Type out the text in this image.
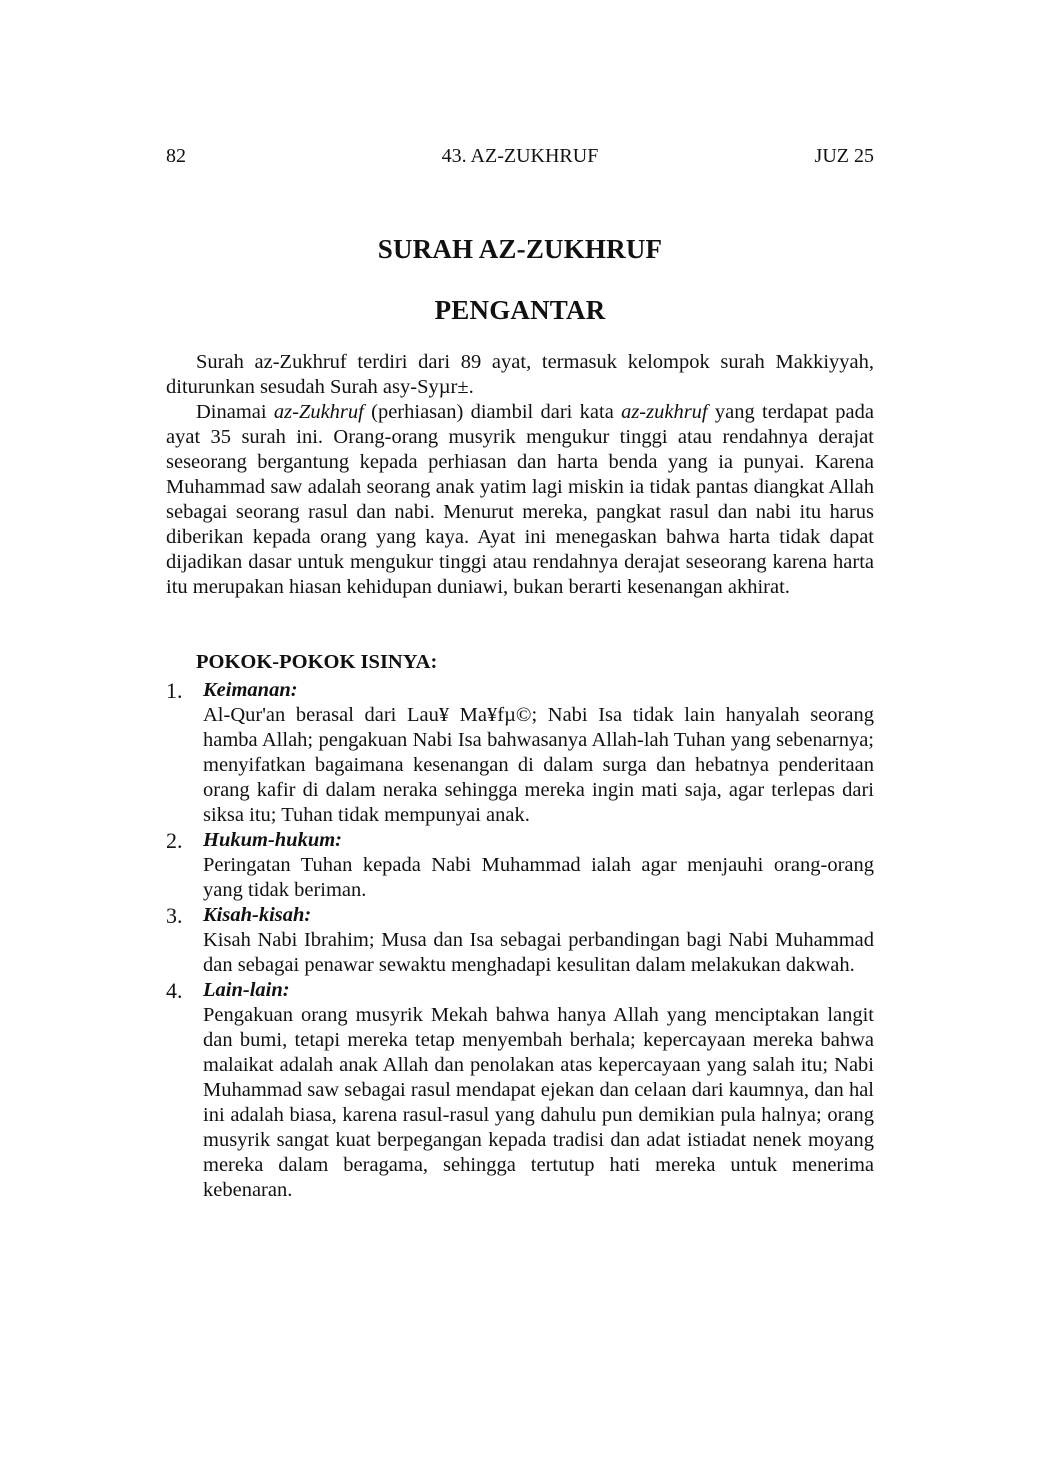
82	43. AZ-ZUKHRUF	JUZ 25
SURAH AZ-ZUKHRUF
PENGANTAR

Surah az-Zukhruf terdiri dari 89 ayat, termasuk kelompok surah Makkiyyah, diturunkan sesudah Surah asy-Syµr±.

Dinamai az-Zukhruf (perhiasan) diambil dari kata az-zukhruf yang terdapat pada ayat 35 surah ini. Orang-orang musyrik mengukur tinggi atau rendahnya derajat seseorang bergantung kepada perhiasan dan harta benda yang ia punyai. Karena Muhammad saw adalah seorang anak yatim lagi miskin ia tidak pantas diangkat Allah sebagai seorang rasul dan nabi. Menurut mereka, pangkat rasul dan nabi itu harus diberikan kepada orang yang kaya. Ayat ini menegaskan bahwa harta tidak dapat dijadikan dasar untuk mengukur tinggi atau rendahnya derajat seseorang karena harta itu merupakan hiasan kehidupan duniawi, bukan berarti kesenangan akhirat.

POKOK-POKOK ISINYA:
1. Keimanan:
Al-Qur'an berasal dari Lau¥ Ma¥fµ©; Nabi Isa tidak lain hanyalah seorang hamba Allah; pengakuan Nabi Isa bahwasanya Allah-lah Tuhan yang sebenarnya; menyifatkan bagaimana kesenangan di dalam surga dan hebatnya penderitaan orang kafir di dalam neraka sehingga mereka ingin mati saja, agar terlepas dari siksa itu; Tuhan tidak mempunyai anak.
2. Hukum-hukum:
Peringatan Tuhan kepada Nabi Muhammad ialah agar menjauhi orang-orang yang tidak beriman.
3. Kisah-kisah:
Kisah Nabi Ibrahim; Musa dan Isa sebagai perbandingan bagi Nabi Muhammad dan sebagai penawar sewaktu menghadapi kesulitan dalam melakukan dakwah.
4. Lain-lain:
Pengakuan orang musyrik Mekah bahwa hanya Allah yang menciptakan langit dan bumi, tetapi mereka tetap menyembah berhala; kepercayaan mereka bahwa malaikat adalah anak Allah dan penolakan atas kepercayaan yang salah itu; Nabi Muhammad saw sebagai rasul mendapat ejekan dan celaan dari kaumnya, dan hal ini adalah biasa, karena rasul-rasul yang dahulu pun demikian pula halnya; orang musyrik sangat kuat berpegangan kepada tradisi dan adat istiadat nenek moyang mereka dalam beragama, sehingga tertutup hati mereka untuk menerima kebenaran.
